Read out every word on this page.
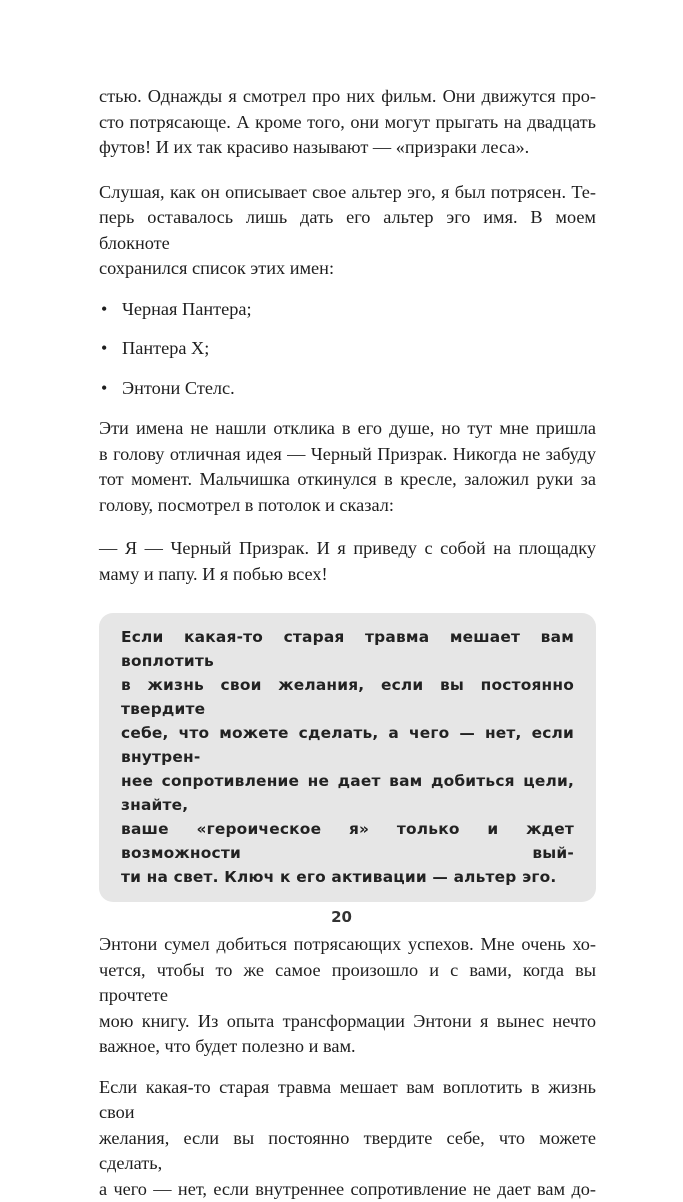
стью. Однажды я смотрел про них фильм. Они движутся про-
сто потрясающе. А кроме того, они могут прыгать на двадцать
футов! И их так красиво называют — «призраки леса».

Слушая, как он описывает свое альтер эго, я был потрясен. Те-
перь оставалось лишь дать его альтер эго имя. В моем блокноте
сохранился список этих имен:

• Черная Пантера;
• Пантера Х;
• Энтони Стелс.

Эти имена не нашли отклика в его душе, но тут мне пришла
в голову отличная идея — Черный Призрак. Никогда не забуду
тот момент. Мальчишка откинулся в кресле, заложил руки за
голову, посмотрел в потолок и сказал:

— Я — Черный Призрак. И я приведу с собой на площадку
маму и папу. И я побью всех!

Если какая-то старая травма мешает вам воплотить
в жизнь свои желания, если вы постоянно твердите
себе, что можете сделать, а чего — нет, если внутрен-
нее сопротивление не дает вам добиться цели, знайте,
ваше «героическое я» только и ждет возможности вый-
ти на свет. Ключ к его активации — альтер эго.

Энтони сумел добиться потрясающих успехов. Мне очень хо-
чется, чтобы то же самое произошло и с вами, когда вы прочтете
мою книгу. Из опыта трансформации Энтони я вынес нечто
важное, что будет полезно и вам.

Если какая-то старая травма мешает вам воплотить в жизнь свои
желания, если вы постоянно твердите себе, что можете сделать,
а чего — нет, если внутреннее сопротивление не дает вам до-

20
